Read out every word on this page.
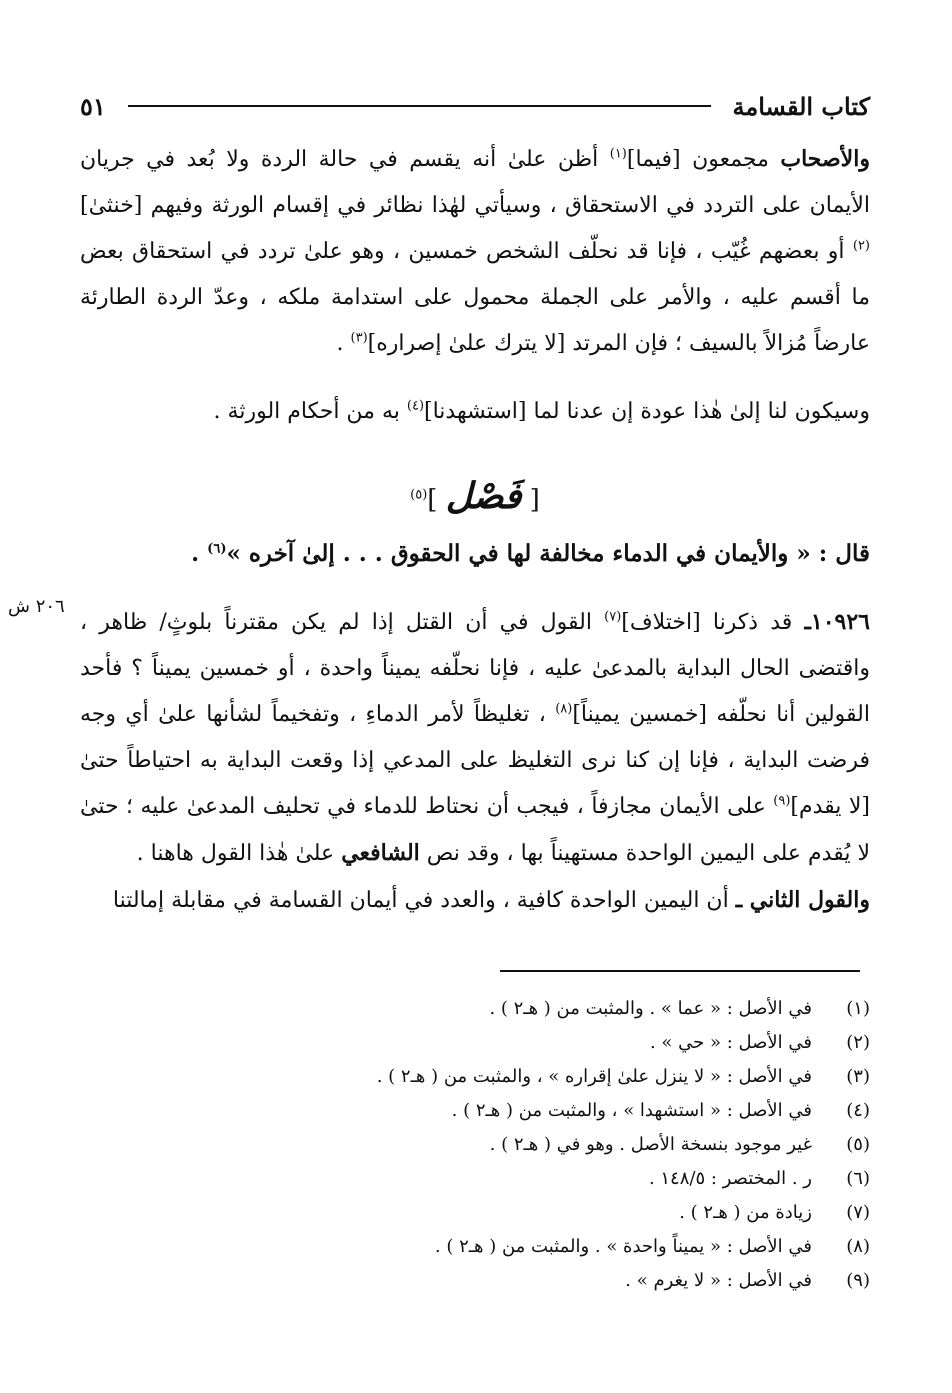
كتاب القسامة
٥١
٢٠٦ ش

والأصحاب مجمعون [فيما]$^{(١)}$ أظن علىٰ أنه يقسم في حالة الردة ولا بُعد في جريان الأيمان على التردد في الاستحقاق ، وسيأتي لهٰذا نظائر في إقسام الورثة وفيهم [خنثىٰ]$^{(٢)}$ أو بعضهم غُيّب ، فإنا قد نحلّف الشخص خمسين ، وهو علىٰ تردد في استحقاق بعض ما أقسم عليه ، والأمر على الجملة محمول على استدامة ملكه ، وعدّ الردة الطارئة عارضاً مُزالاً بالسيف ؛ فإن المرتد [لا يترك علىٰ إصراره]$^{(٣)}$ .

وسيكون لنا إلىٰ هٰذا عودة إن عدنا لما [استشهدنا]$^{(٤)}$ به من أحكام الورثة .

[ فَصْل ]$^{(٥)}$

قال : « والأيمان في الدماء مخالفة لها في الحقوق . . . إلىٰ آخره »$^{(٦)}$ .

١٠٩٢٦ـ قد ذكرنا [اختلاف]$^{(٧)}$ القول في أن القتل إذا لم يكن مقترناً بلوثٍ/ ظاهر ، واقتضى الحال البداية بالمدعىٰ عليه ، فإنا نحلّفه يميناً واحدة ، أو خمسين يميناً ؟ فأحد القولين أنا نحلّفه [خمسين يميناً]$^{(٨)}$ ، تغليظاً لأمر الدماءِ ، وتفخيماً لشأنها علىٰ أي وجه فرضت البداية ، فإنا إن كنا نرى التغليظ على المدعي إذا وقعت البداية به احتياطاً حتىٰ [لا يقدم]$^{(٩)}$ على الأيمان مجازفاً ، فيجب أن نحتاط للدماء في تحليف المدعىٰ عليه ؛ حتىٰ لا يُقدم على اليمين الواحدة مستهيناً بها ، وقد نص الشافعي علىٰ هٰذا القول هاهنا .

والقول الثاني ـ أن اليمين الواحدة كافية ، والعدد في أيمان القسامة في مقابلة إمالتنا

(١)
في الأصل : « عما » . والمثبت من ( هـ٢ ) .
(٢)
في الأصل : « حي » .
(٣)
في الأصل : « لا ينزل علىٰ إقراره » ، والمثبت من ( هـ٢ ) .
(٤)
في الأصل : « استشهدا » ، والمثبت من ( هـ٢ ) .
(٥)
غير موجود بنسخة الأصل . وهو في ( هـ٢ ) .
(٦)
ر . المختصر : ١٤٨/٥ .
(٧)
زيادة من ( هـ٢ ) .
(٨)
في الأصل : « يميناً واحدة » . والمثبت من ( هـ٢ ) .
(٩)
في الأصل : « لا يغرم » .
